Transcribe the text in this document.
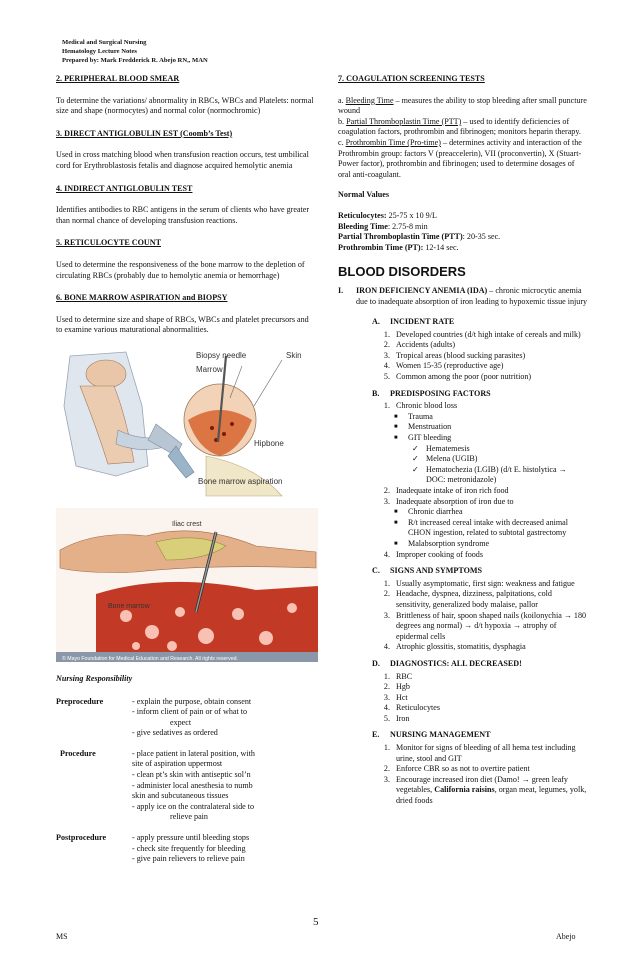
Medical and Surgical Nursing
Hematology Lecture Notes
Prepared by: Mark Fredderick R. Abejo RN,, MAN
2. PERIPHERAL BLOOD SMEAR

To determine the variations/ abnormality in RBCs, WBCs and Platelets: normal size and shape (normocytes) and normal color (normochromic)

3. DIRECT ANTIGLOBULIN EST (Coomb’s Test)

Used in cross matching blood when transfusion reaction occurs, test umbilical cord for Erythroblastosis fetalis and diagnose acquired hemolytic anemia

4. INDIRECT ANTIGLOBULIN TEST

Identifies antibodies to RBC antigens in the serum of clients who have greater than normal chance of developing transfusion reactions.

5. RETICULOCYTE COUNT

Used to determine the responsiveness of the bone marrow to the depletion of circulating RBCs (probably due to hemolytic anemia or hemorrhage)

6. BONE MARROW ASPIRATION and BIOPSY

Used to determine size and shape of RBCs, WBCs and platelet precursors and to examine various maturational abnormalities.

Biopsy needle	Skin
Marrow
Hipbone
Bone marrow aspiration
Iliac crest
Bone marrow
© Mayo Foundation for Medical Education and Research. All rights reserved.
Nursing Responsibility
Preprocedure	- explain the purpose, obtain consent
- inform client of pain or of what to
expect
- give sedatives as ordered
Procedure	- place patient in lateral position, with
site of aspiration uppermost
- clean pt’s skin with antiseptic sol’n
- administer local anesthesia to numb
skin and subcutaneous tissues
- apply ice on the contralateral side to
relieve pain
Postprocedure	- apply pressure until bleeding stops
- check site frequently for bleeding
- give pain relievers to relieve pain
7. COAGULATION SCREENING TESTS

a. Bleeding Time – measures the ability to stop bleeding after small puncture wound
b. Partial Thromboplastin Time (PTT) – used to identify deficiencies of coagulation factors, prothrombin and fibrinogen; monitors heparin therapy.
c. Prothrombin Time (Pro-time) – determines activity and interaction of the Prothrombin group: factors V (preaccelerin), VII (proconvertin), X (Stuart-Power factor), prothrombin and fibrinogen; used to determine dosages of oral anti-coagulant.

Normal Values
Reticulocytes: 25-75 x 10 9/L
Bleeding Time: 2.75-8 min
Partial Thromboplastin Time (PTT): 20-35 sec.
Prothrombin Time (PT): 12-14 sec.
BLOOD DISORDERS
I.	IRON DEFICIENCY ANEMIA (IDA) – chronic microcytic anemia due to inadequate absorption of iron leading to hypoxemic tissue injury
A. INCIDENT RATE
1. Developed countries (d/t high intake of cereals and milk)
2. Accidents (adults)
3. Tropical areas (blood sucking parasites)
4. Women 15-35 (reproductive age)
5. Common among the poor (poor nutrition)
B. PREDISPOSING FACTORS
1. Chronic blood loss
■	Trauma
■	Menstruation
■	GIT bleeding
✓ Hematemesis
✓ Melena (UGIB)
✓ Hematochezia (LGIB) (d/t E. histolytica → DOC: metronidazole)
2. Inadequate intake of iron rich food
3. Inadequate absorption of iron due to
■	Chronic diarrhea
■	R/t increased cereal intake with decreased animal CHON ingestion, related to subtotal gastrectomy
■	Malabsorption syndrome
4. Improper cooking of foods
C. SIGNS AND SYMPTOMS
1. Usually asymptomatic, first sign: weakness and fatigue
2. Headache, dyspnea, dizziness, palpitations, cold sensitivity, generalized body malaise, pallor
3. Brittleness of hair, spoon shaped nails (koilonychia → 180 degrees ang normal) → d/t hypoxia → atrophy of epidermal cells
4. Atrophic glossitis, stomatitis, dysphagia
D. DIAGNOSTICS: ALL DECREASED!
1. RBC
2. Hgb
3. Hct
4. Reticulocytes
5. Iron
E. NURSING MANAGEMENT
1. Monitor for signs of bleeding of all hema test including urine, stool and GIT
2. Enforce CBR so as not to overtire patient
3. Encourage increased iron diet (Damo! → green leafy vegetables, California raisins, organ meat, legumes, yolk, dried foods
5
MS	Abejo
